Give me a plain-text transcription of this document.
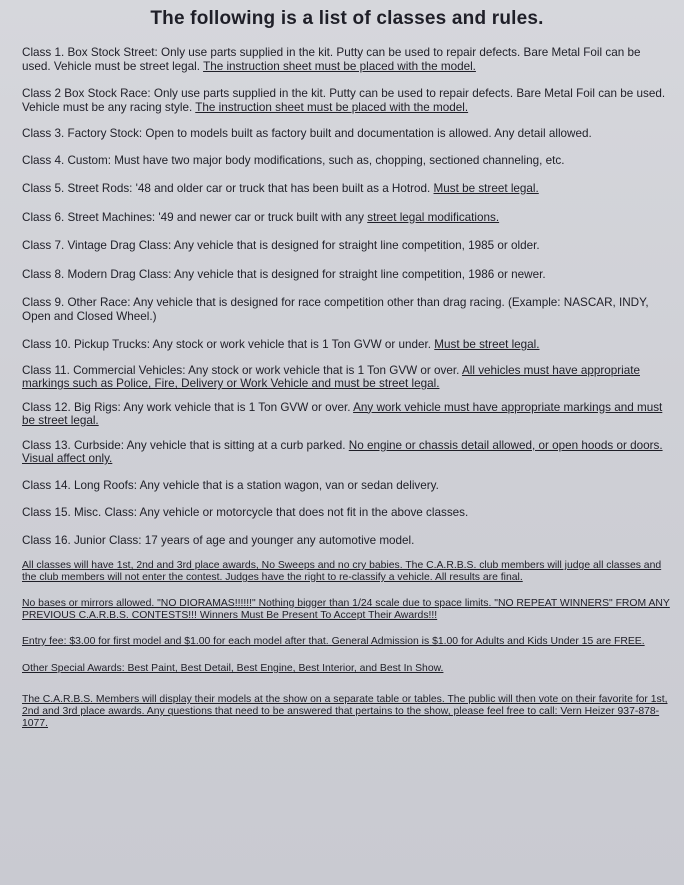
The following is a list of classes and rules.

Class 1. Box Stock Street: Only use parts supplied in the kit. Putty can be used to repair defects. Bare Metal Foil can be used. Vehicle must be street legal. The instruction sheet must be placed with the model.

Class 2 Box Stock Race: Only use parts supplied in the kit. Putty can be used to repair defects. Bare Metal Foil can be used. Vehicle must be any racing style. The instruction sheet must be placed with the model.

Class 3. Factory Stock: Open to models built as factory built and documentation is allowed. Any detail allowed.

Class 4. Custom: Must have two major body modifications, such as, chopping, sectioned channeling, etc.

Class 5. Street Rods: '48 and older car or truck that has been built as a Hotrod. Must be street legal.

Class 6. Street Machines: '49 and newer car or truck built with any street legal modifications.

Class 7. Vintage Drag Class: Any vehicle that is designed for straight line competition, 1985 or older.

Class 8. Modern Drag Class: Any vehicle that is designed for straight line competition, 1986 or newer.

Class 9. Other Race: Any vehicle that is designed for race competition other than drag racing. (Example: NASCAR, INDY, Open and Closed Wheel.)

Class 10. Pickup Trucks: Any stock or work vehicle that is 1 Ton GVW or under. Must be street legal.

Class 11. Commercial Vehicles: Any stock or work vehicle that is 1 Ton GVW or over. All vehicles must have appropriate markings such as Police, Fire, Delivery or Work Vehicle and must be street legal.

Class 12. Big Rigs: Any work vehicle that is 1 Ton GVW or over. Any work vehicle must have appropriate markings and must be street legal.

Class 13. Curbside: Any vehicle that is sitting at a curb parked. No engine or chassis detail allowed, or open hoods or doors. Visual affect only.

Class 14. Long Roofs: Any vehicle that is a station wagon, van or sedan delivery.

Class 15. Misc. Class: Any vehicle or motorcycle that does not fit in the above classes.

Class 16. Junior Class: 17 years of age and younger any automotive model.

All classes will have 1st, 2nd and 3rd place awards, No Sweeps and no cry babies. The C.A.R.B.S. club members will judge all classes and the club members will not enter the contest. Judges have the right to re-classify a vehicle. All results are final.

No bases or mirrors allowed. "NO DIORAMAS!!!!!!" Nothing bigger than 1/24 scale due to space limits. "NO REPEAT WINNERS" FROM ANY PREVIOUS C.A.R.B.S. CONTESTS!!! Winners Must Be Present To Accept Their Awards!!!

Entry fee: $3.00 for first model and $1.00 for each model after that. General Admission is $1.00 for Adults and Kids Under 15 are FREE.

Other Special Awards: Best Paint, Best Detail, Best Engine, Best Interior, and Best In Show.

The C.A.R.B.S. Members will display their models at the show on a separate table or tables. The public will then vote on their favorite for 1st, 2nd and 3rd place awards. Any questions that need to be answered that pertains to the show, please feel free to call: Vern Heizer 937-878-1077.
